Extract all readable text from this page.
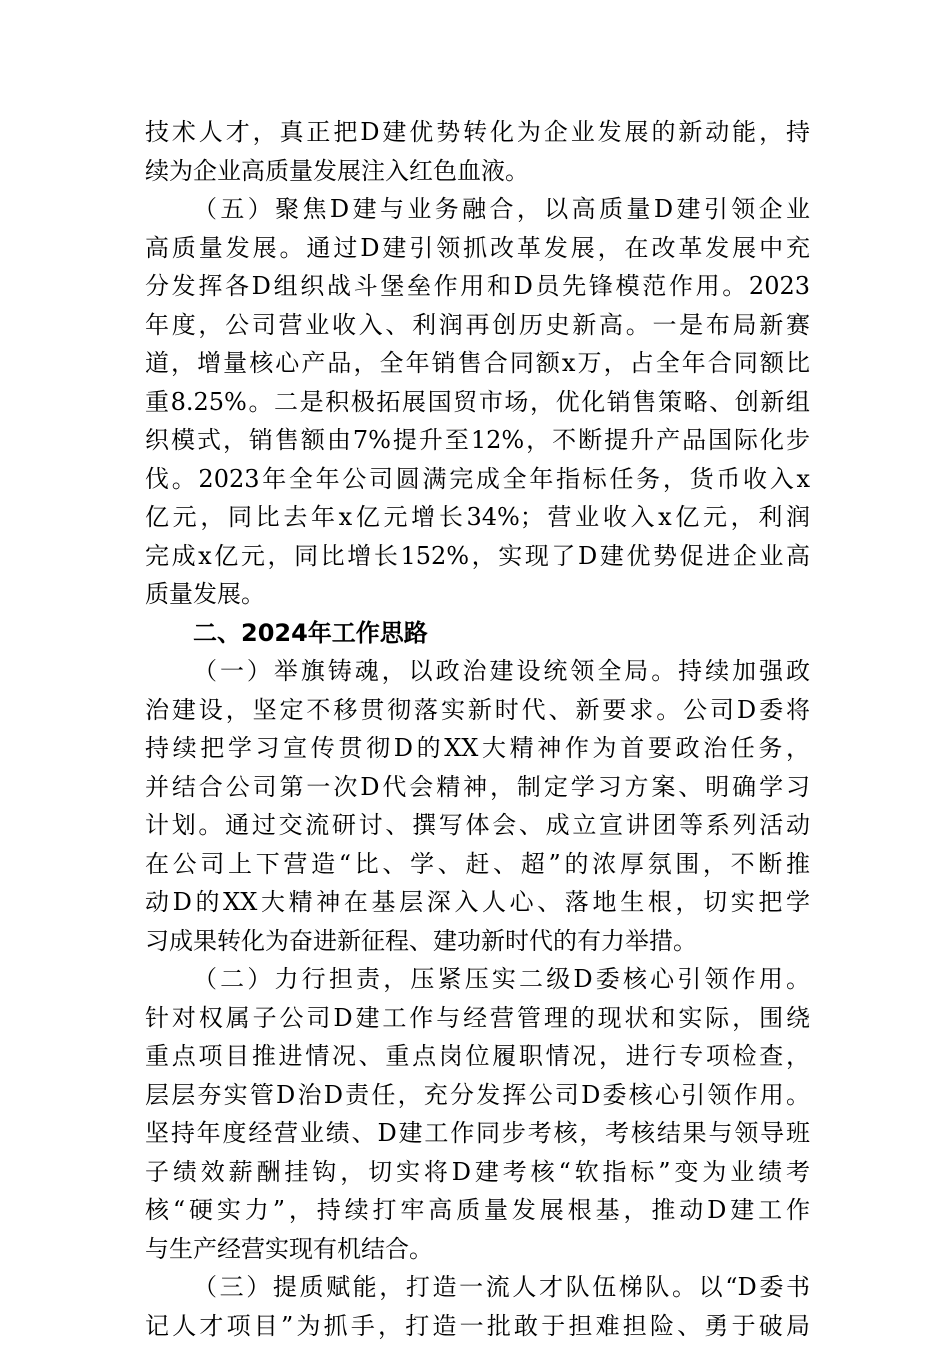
技术人才，真正把D建优势转化为企业发展的新动能，持
续为企业高质量发展注入红色血液。
（五）聚焦D建与业务融合，以高质量D建引领企业
高质量发展。通过D建引领抓改革发展，在改革发展中充
分发挥各D组织战斗堡垒作用和D员先锋模范作用。2023
年度，公司营业收入、利润再创历史新高。一是布局新赛
道，增量核心产品，全年销售合同额x万，占全年合同额比
重8.25%。二是积极拓展国贸市场，优化销售策略、创新组
织模式，销售额由7%提升至12%，不断提升产品国际化步
伐。2023年全年公司圆满完成全年指标任务，货币收入x
亿元，同比去年x亿元增长34%；营业收入x亿元，利润
完成x亿元，同比增长152%，实现了D建优势促进企业高
质量发展。
二、2024年工作思路
（一）举旗铸魂，以政治建设统领全局。持续加强政
治建设，坚定不移贯彻落实新时代、新要求。公司D委将
持续把学习宣传贯彻D的XX大精神作为首要政治任务，
并结合公司第一次D代会精神，制定学习方案、明确学习
计划。通过交流研讨、撰写体会、成立宣讲团等系列活动
在公司上下营造“比、学、赶、超”的浓厚氛围，不断推
动D的XX大精神在基层深入人心、落地生根，切实把学
习成果转化为奋进新征程、建功新时代的有力举措。
（二）力行担责，压紧压实二级D委核心引领作用。
针对权属子公司D建工作与经营管理的现状和实际，围绕
重点项目推进情况、重点岗位履职情况，进行专项检查，
层层夯实管D治D责任，充分发挥公司D委核心引领作用。
坚持年度经营业绩、D建工作同步考核，考核结果与领导班
子绩效薪酬挂钩，切实将D建考核“软指标”变为业绩考
核“硬实力”，持续打牢高质量发展根基，推动D建工作
与生产经营实现有机结合。
（三）提质赋能，打造一流人才队伍梯队。以“D委书
记人才项目”为抓手，打造一批敢于担难担险、勇于破局
